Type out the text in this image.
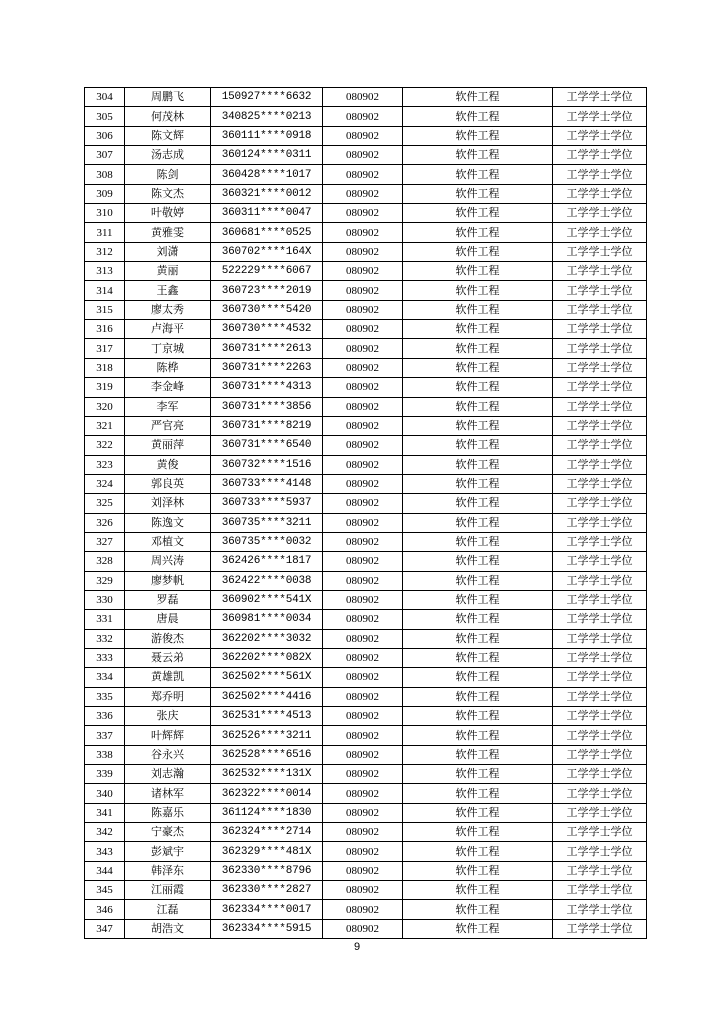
304	周鹏飞	150927****6632	080902	软件工程	工学学士学位
305	何茂林	340825****0213	080902	软件工程	工学学士学位
306	陈文辉	360111****0918	080902	软件工程	工学学士学位
307	汤志成	360124****0311	080902	软件工程	工学学士学位
308	陈剑	360428****1017	080902	软件工程	工学学士学位
309	陈文杰	360321****0012	080902	软件工程	工学学士学位
310	叶敬婷	360311****0047	080902	软件工程	工学学士学位
311	黄雅雯	360681****0525	080902	软件工程	工学学士学位
312	刘潇	360702****164X	080902	软件工程	工学学士学位
313	黄丽	522229****6067	080902	软件工程	工学学士学位
314	王鑫	360723****2019	080902	软件工程	工学学士学位
315	廖太秀	360730****5420	080902	软件工程	工学学士学位
316	卢海平	360730****4532	080902	软件工程	工学学士学位
317	丁京城	360731****2613	080902	软件工程	工学学士学位
318	陈桦	360731****2263	080902	软件工程	工学学士学位
319	李金峰	360731****4313	080902	软件工程	工学学士学位
320	李军	360731****3856	080902	软件工程	工学学士学位
321	严官亮	360731****8219	080902	软件工程	工学学士学位
322	黄丽萍	360731****6540	080902	软件工程	工学学士学位
323	黄俊	360732****1516	080902	软件工程	工学学士学位
324	郭良英	360733****4148	080902	软件工程	工学学士学位
325	刘泽林	360733****5937	080902	软件工程	工学学士学位
326	陈逸文	360735****3211	080902	软件工程	工学学士学位
327	邓植文	360735****0032	080902	软件工程	工学学士学位
328	周兴涛	362426****1817	080902	软件工程	工学学士学位
329	廖梦帆	362422****0038	080902	软件工程	工学学士学位
330	罗磊	360902****541X	080902	软件工程	工学学士学位
331	唐晨	360981****0034	080902	软件工程	工学学士学位
332	游俊杰	362202****3032	080902	软件工程	工学学士学位
333	聂云弟	362202****082X	080902	软件工程	工学学士学位
334	黄雄凯	362502****561X	080902	软件工程	工学学士学位
335	郑乔明	362502****4416	080902	软件工程	工学学士学位
336	张庆	362531****4513	080902	软件工程	工学学士学位
337	叶辉辉	362526****3211	080902	软件工程	工学学士学位
338	谷永兴	362528****6516	080902	软件工程	工学学士学位
339	刘志瀚	362532****131X	080902	软件工程	工学学士学位
340	诸林军	362322****0014	080902	软件工程	工学学士学位
341	陈嘉乐	361124****1830	080902	软件工程	工学学士学位
342	宁豪杰	362324****2714	080902	软件工程	工学学士学位
343	彭斌宇	362329****481X	080902	软件工程	工学学士学位
344	韩泽东	362330****8796	080902	软件工程	工学学士学位
345	江丽霞	362330****2827	080902	软件工程	工学学士学位
346	江磊	362334****0017	080902	软件工程	工学学士学位
347	胡浩文	362334****5915	080902	软件工程	工学学士学位
9
